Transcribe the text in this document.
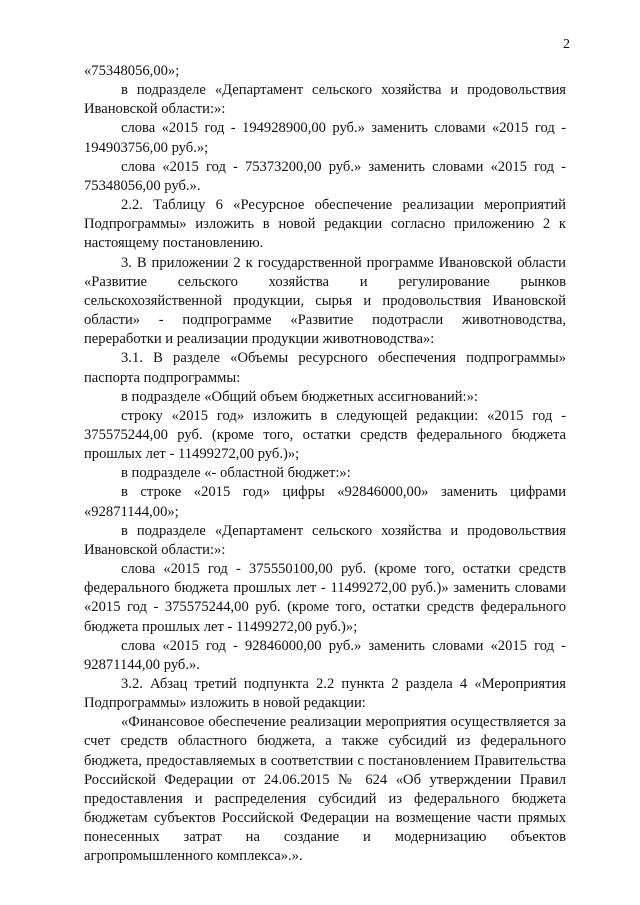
2

«75348056,00»;

в подразделе «Департамент сельского хозяйства и продовольствия Ивановской области:»:

слова «2015 год - 194928900,00 руб.» заменить словами «2015 год - 194903756,00 руб.»;

слова «2015 год - 75373200,00 руб.» заменить словами «2015 год - 75348056,00 руб.».

2.2. Таблицу 6 «Ресурсное обеспечение реализации мероприятий Подпрограммы» изложить в новой редакции согласно приложению 2 к настоящему постановлению.

3. В приложении 2 к государственной программе Ивановской области «Развитие сельского хозяйства и регулирование рынков сельскохозяйственной продукции, сырья и продовольствия Ивановской области» - подпрограмме «Развитие подотрасли животноводства, переработки и реализации продукции животноводства»:

3.1. В разделе «Объемы ресурсного обеспечения подпрограммы» паспорта подпрограммы:

в подразделе «Общий объем бюджетных ассигнований:»:

строку «2015 год» изложить в следующей редакции: «2015 год - 375575244,00 руб. (кроме того, остатки средств федерального бюджета прошлых лет - 11499272,00 руб.)»;

в подразделе «- областной бюджет:»:

в строке «2015 год» цифры «92846000,00» заменить цифрами «92871144,00»;

в подразделе «Департамент сельского хозяйства и продовольствия Ивановской области:»:

слова «2015 год - 375550100,00 руб. (кроме того, остатки средств федерального бюджета прошлых лет - 11499272,00 руб.)» заменить словами «2015 год - 375575244,00 руб. (кроме того, остатки средств федерального бюджета прошлых лет - 11499272,00 руб.)»;

слова «2015 год - 92846000,00 руб.» заменить словами «2015 год - 92871144,00 руб.».

3.2. Абзац третий подпункта 2.2 пункта 2 раздела 4 «Мероприятия Подпрограммы» изложить в новой редакции:

«Финансовое обеспечение реализации мероприятия осуществляется за счет средств областного бюджета, а также субсидий из федерального бюджета, предоставляемых в соответствии с постановлением Правительства Российской Федерации от 24.06.2015 № 624 «Об утверждении Правил предоставления и распределения субсидий из федерального бюджета бюджетам субъектов Российской Федерации на возмещение части прямых понесенных затрат на создание и модернизацию объектов агропромышленного комплекса».».
